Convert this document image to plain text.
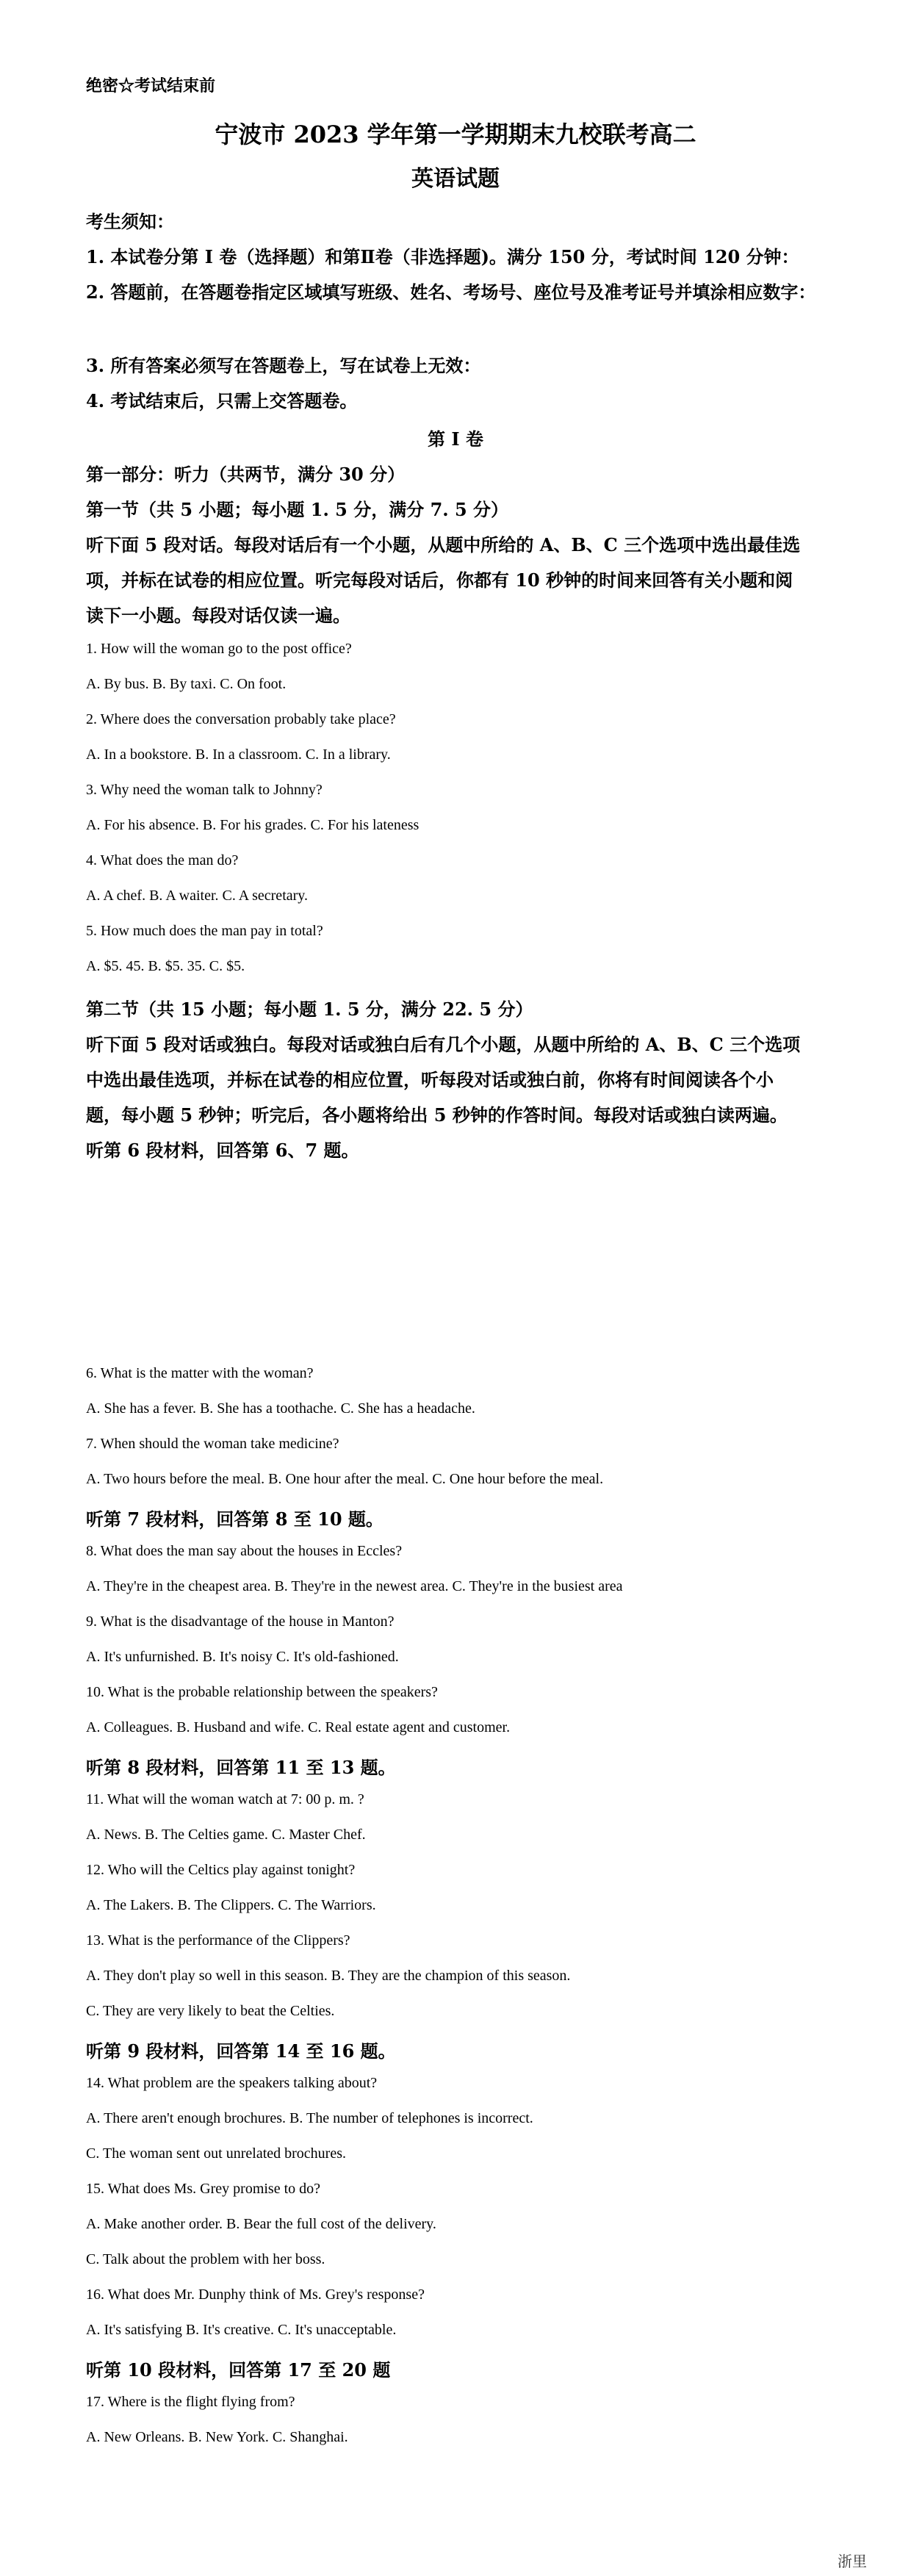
绝密☆考试结束前
宁波市 2023 学年第一学期期末九校联考高二
英语试题
考生须知：
1. 本试卷分第 I 卷（选择题）和第Ⅱ卷（非选择题)。满分 150 分，考试时间 120 分钟：
2. 答题前，在答题卷指定区域填写班级、姓名、考场号、座位号及准考证号并填涂相应数字：
3. 所有答案必须写在答题卷上，写在试卷上无效：
4. 考试结束后，只需上交答题卷。
第 I 卷
第一部分：听力（共两节，满分 30 分）
第一节（共 5 小题；每小题 1. 5 分，满分 7. 5 分）
听下面 5 段对话。每段对话后有一个小题，从题中所给的 A、B、C 三个选项中选出最佳选
项，并标在试卷的相应位置。听完每段对话后，你都有 10 秒钟的时间来回答有关小题和阅
读下一小题。每段对话仅读一遍。
1. How will the woman go to the post office?
A. By bus. B. By taxi. C. On foot.
2. Where does the conversation probably take place?
A. In a bookstore. B. In a classroom. C. In a library.
3. Why need the woman talk to Johnny?
A. For his absence. B. For his grades. C. For his lateness
4. What does the man do?
A. A chef. B. A waiter. C. A secretary.
5. How much does the man pay in total?
A. $5. 45. B. $5. 35. C. $5.
第二节（共 15 小题；每小题 1. 5 分，满分 22. 5 分）
听下面 5 段对话或独白。每段对话或独白后有几个小题，从题中所给的 A、B、C 三个选项
中选出最佳选项，并标在试卷的相应位置，听每段对话或独白前，你将有时间阅读各个小
题，每小题 5 秒钟；听完后，各小题将给出 5 秒钟的作答时间。每段对话或独白读两遍。
听第 6 段材料，回答第 6、7 题。
6. What is the matter with the woman?
A. She has a fever. B. She has a toothache. C. She has a headache.
7. When should the woman take medicine?
A. Two hours before the meal. B. One hour after the meal. C. One hour before the meal.
听第 7 段材料，回答第 8 至 10 题。
8. What does the man say about the houses in Eccles?
A. They're in the cheapest area. B. They're in the newest area. C. They're in the busiest area
9. What is the disadvantage of the house in Manton?
A. It's unfurnished. B. It's noisy C. It's old-fashioned.
10. What is the probable relationship between the speakers?
A. Colleagues. B. Husband and wife. C. Real estate agent and customer.
听第 8 段材料，回答第 11 至 13 题。
11. What will the woman watch at 7: 00 p. m. ?
A. News. B. The Celties game. C. Master Chef.
12. Who will the Celtics play against tonight?
A. The Lakers. B. The Clippers. C. The Warriors.
13. What is the performance of the Clippers?
A. They don't play so well in this season. B. They are the champion of this season.
C. They are very likely to beat the Celties.
听第 9 段材料，回答第 14 至 16 题。
14. What problem are the speakers talking about?
A. There aren't enough brochures. B. The number of telephones is incorrect.
C. The woman sent out unrelated brochures.
15. What does Ms. Grey promise to do?
A. Make another order. B. Bear the full cost of the delivery.
C. Talk about the problem with her boss.
16. What does Mr. Dunphy think of Ms. Grey's response?
A. It's satisfying B. It's creative. C. It's unacceptable.
听第 10 段材料，回答第 17 至 20 题
17. Where is the flight flying from?
A. New Orleans. B. New York. C. Shanghai.
浙里
